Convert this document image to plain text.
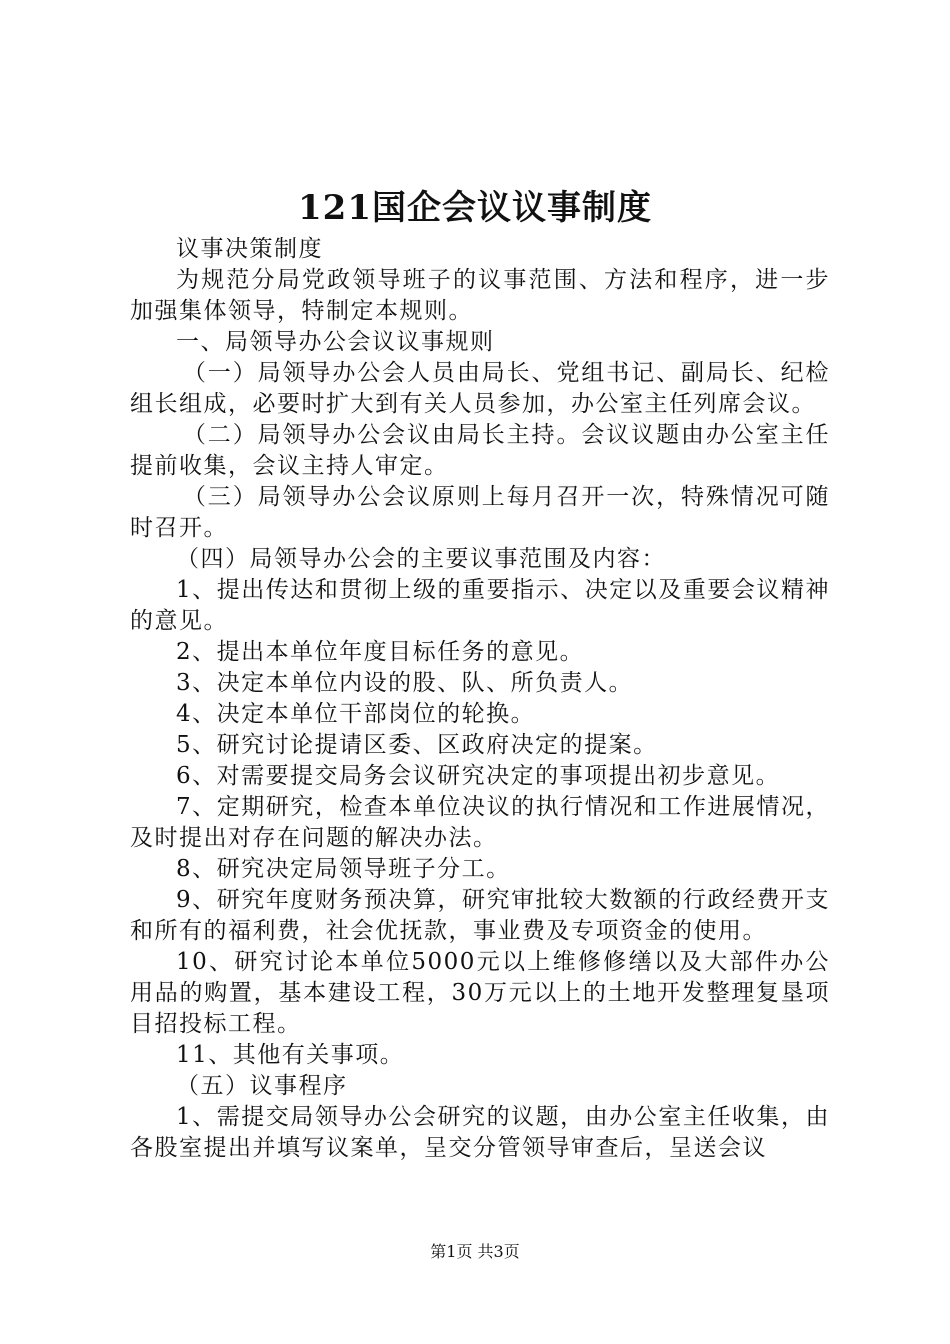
121国企会议议事制度

议事决策制度

为规范分局党政领导班子的议事范围、方法和程序，进一步加强集体领导，特制定本规则。

一、局领导办公会议议事规则

（一）局领导办公会人员由局长、党组书记、副局长、纪检组长组成，必要时扩大到有关人员参加，办公室主任列席会议。

（二）局领导办公会议由局长主持。会议议题由办公室主任提前收集，会议主持人审定。

（三）局领导办公会议原则上每月召开一次，特殊情况可随时召开。

（四）局领导办公会的主要议事范围及内容：

1、提出传达和贯彻上级的重要指示、决定以及重要会议精神的意见。

2、提出本单位年度目标任务的意见。

3、决定本单位内设的股、队、所负责人。

4、决定本单位干部岗位的轮换。

5、研究讨论提请区委、区政府决定的提案。

6、对需要提交局务会议研究决定的事项提出初步意见。

7、定期研究，检查本单位决议的执行情况和工作进展情况，及时提出对存在问题的解决办法。

8、研究决定局领导班子分工。

9、研究年度财务预决算，研究审批较大数额的行政经费开支和所有的福利费，社会优抚款，事业费及专项资金的使用。

10、研究讨论本单位5000元以上维修修缮以及大部件办公用品的购置，基本建设工程，30万元以上的土地开发整理复垦项目招投标工程。

11、其他有关事项。

（五）议事程序

1、需提交局领导办公会研究的议题，由办公室主任收集，由各股室提出并填写议案单，呈交分管领导审查后，呈送会议

第1页 共3页
